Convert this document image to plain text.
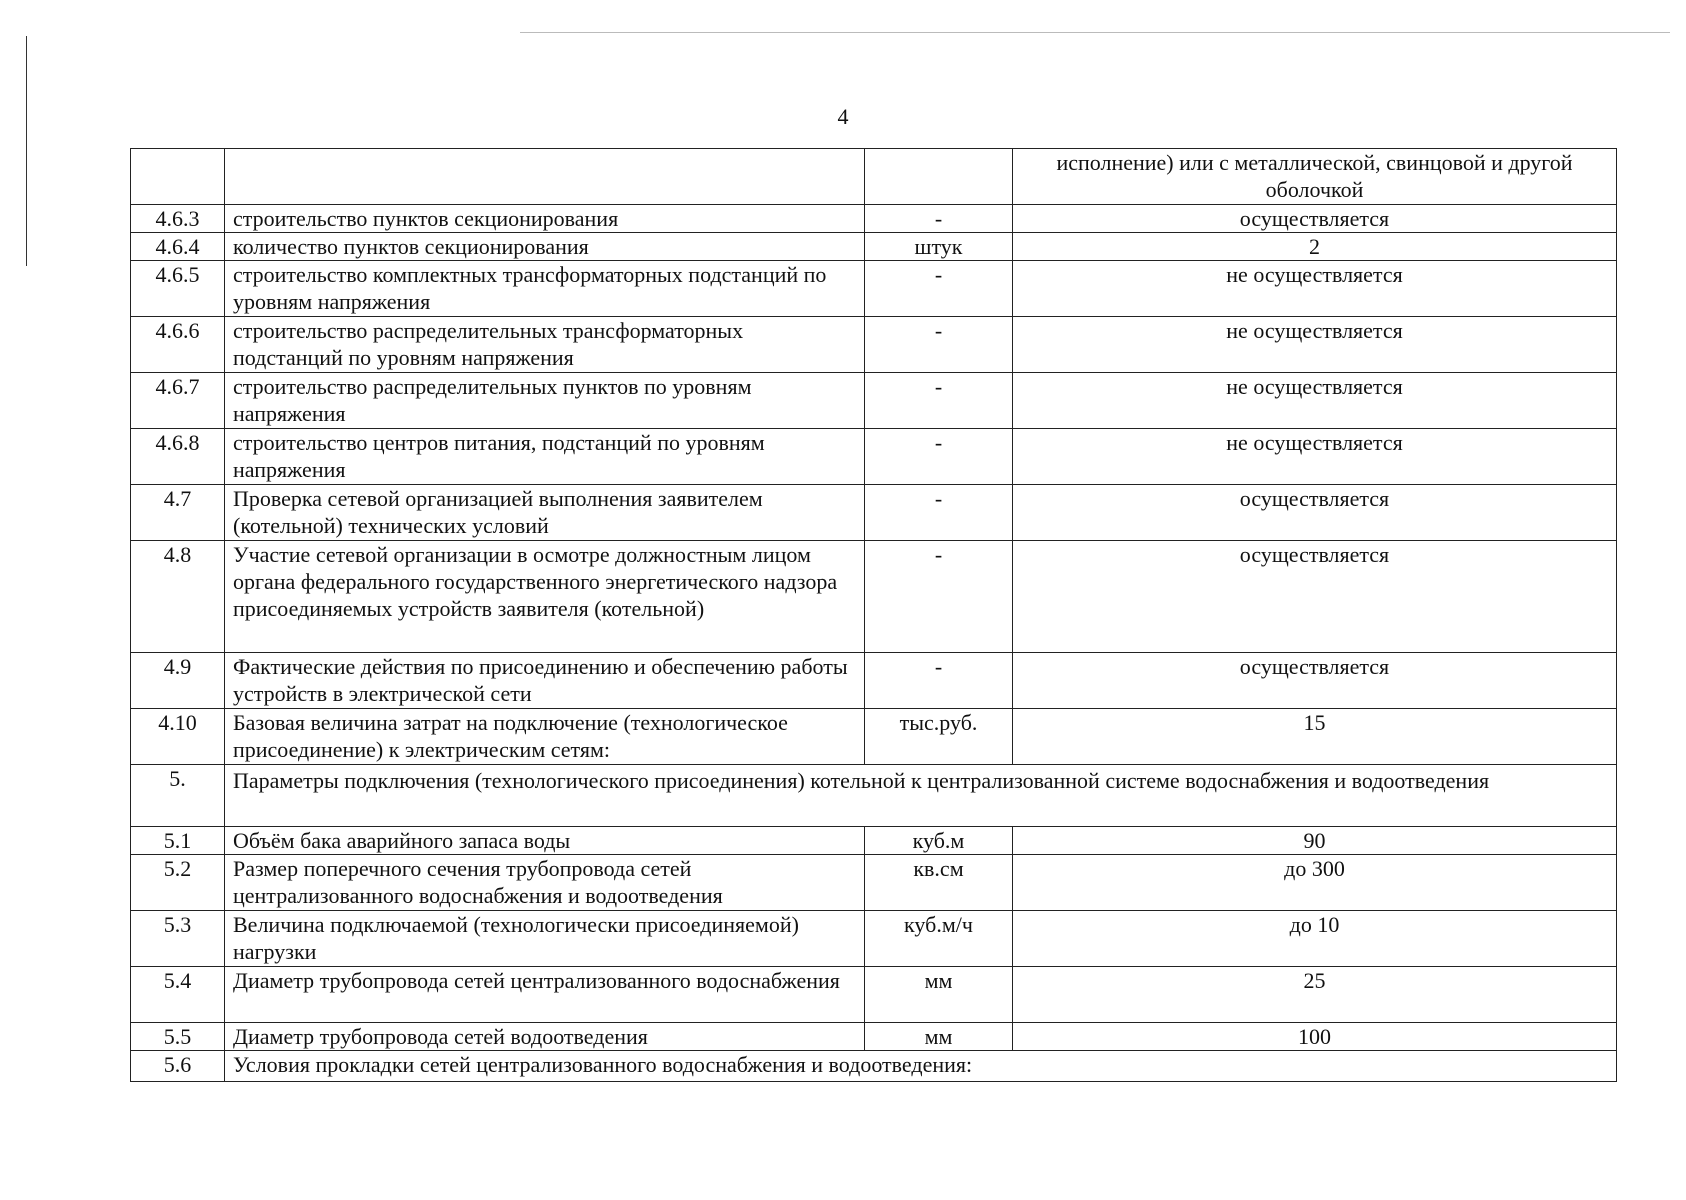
4
			исполнение) или с металлической, свинцовой и другой оболочкой
4.6.3	строительство пунктов секционирования	-	осуществляется
4.6.4	количество пунктов секционирования	штук	2
4.6.5	строительство комплектных трансформаторных подстанций по уровням напряжения	-	не осуществляется
4.6.6	строительство распределительных трансформаторных подстанций по уровням напряжения	-	не осуществляется
4.6.7	строительство распределительных пунктов по уровням напряжения	-	не осуществляется
4.6.8	строительство центров питания, подстанций по уровням напряжения	-	не осуществляется
4.7	Проверка сетевой организацией выполнения заявителем (котельной) технических условий	-	осуществляется
4.8	Участие сетевой организации в осмотре должностным лицом органа федерального государственного энергетического надзора присоединяемых устройств заявителя (котельной)	-	осуществляется
4.9	Фактические действия по присоединению и обеспечению работы устройств в электрической сети	-	осуществляется
4.10	Базовая величина затрат на подключение (технологическое присоединение) к электрическим сетям:	тыс.руб.	15
5.	Параметры подключения (технологического присоединения) котельной к централизованной системе водоснабжения и водоотведения		
5.1	Объём бака аварийного запаса воды	куб.м	90
5.2	Размер поперечного сечения трубопровода сетей централизованного водоснабжения и водоотведения	кв.см	до 300
5.3	Величина подключаемой (технологически присоединяемой) нагрузки	куб.м/ч	до 10
5.4	Диаметр трубопровода сетей централизованного водоснабжения	мм	25
5.5	Диаметр трубопровода сетей водоотведения	мм	100
5.6	Условия прокладки сетей централизованного водоснабжения и водоотведения:		
